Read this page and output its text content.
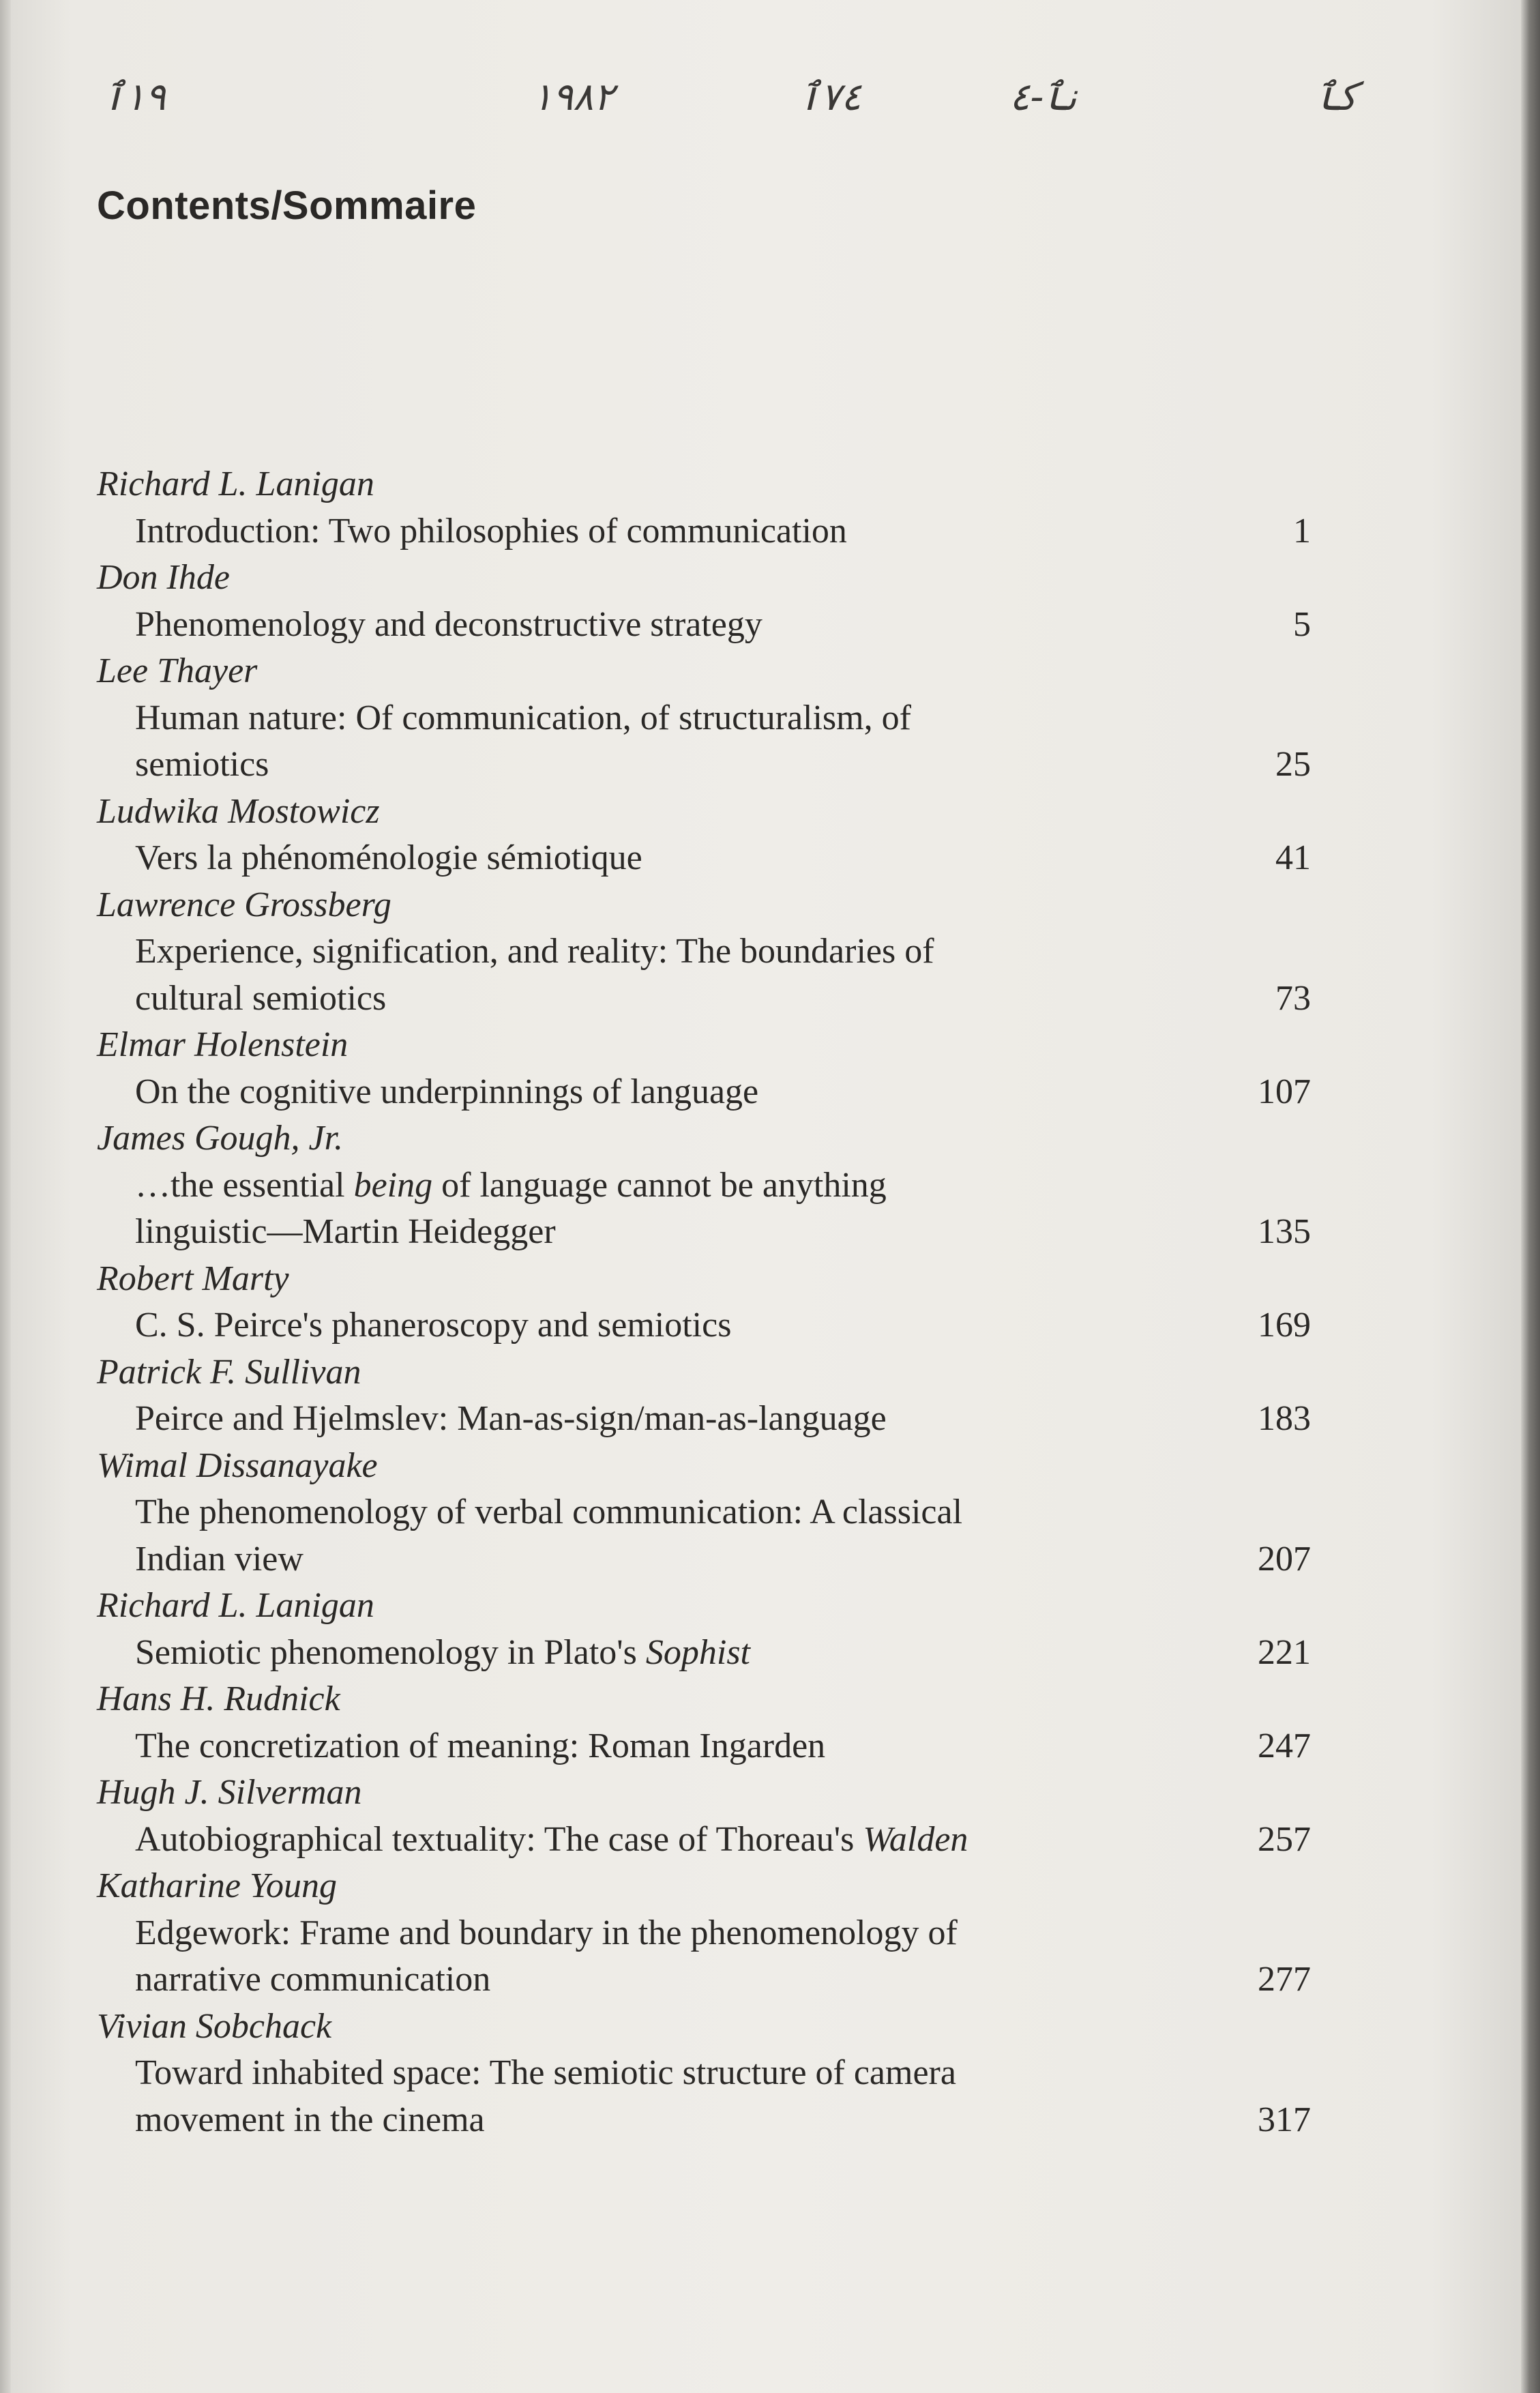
١٩ٱ	١٩٨٢	٧٤ٱ	نٱ-٤	کٱ
Contents/Sommaire
Richard L. Lanigan
Introduction: Two philosophies of communication	1
Don Ihde
Phenomenology and deconstructive strategy	5
Lee Thayer
Human nature: Of communication, of structuralism, of
semiotics	25
Ludwika Mostowicz
Vers la phénoménologie sémiotique	41
Lawrence Grossberg
Experience, signification, and reality: The boundaries of
cultural semiotics	73
Elmar Holenstein
On the cognitive underpinnings of language	107
James Gough, Jr.
…the essential being of language cannot be anything
linguistic—Martin Heidegger	135
Robert Marty
C. S. Peirce's phaneroscopy and semiotics	169
Patrick F. Sullivan
Peirce and Hjelmslev: Man-as-sign/man-as-language	183
Wimal Dissanayake
The phenomenology of verbal communication: A classical
Indian view	207
Richard L. Lanigan
Semiotic phenomenology in Plato's Sophist	221
Hans H. Rudnick
The concretization of meaning: Roman Ingarden	247
Hugh J. Silverman
Autobiographical textuality: The case of Thoreau's Walden	257
Katharine Young
Edgework: Frame and boundary in the phenomenology of
narrative communication	277
Vivian Sobchack
Toward inhabited space: The semiotic structure of camera
movement in the cinema	317
